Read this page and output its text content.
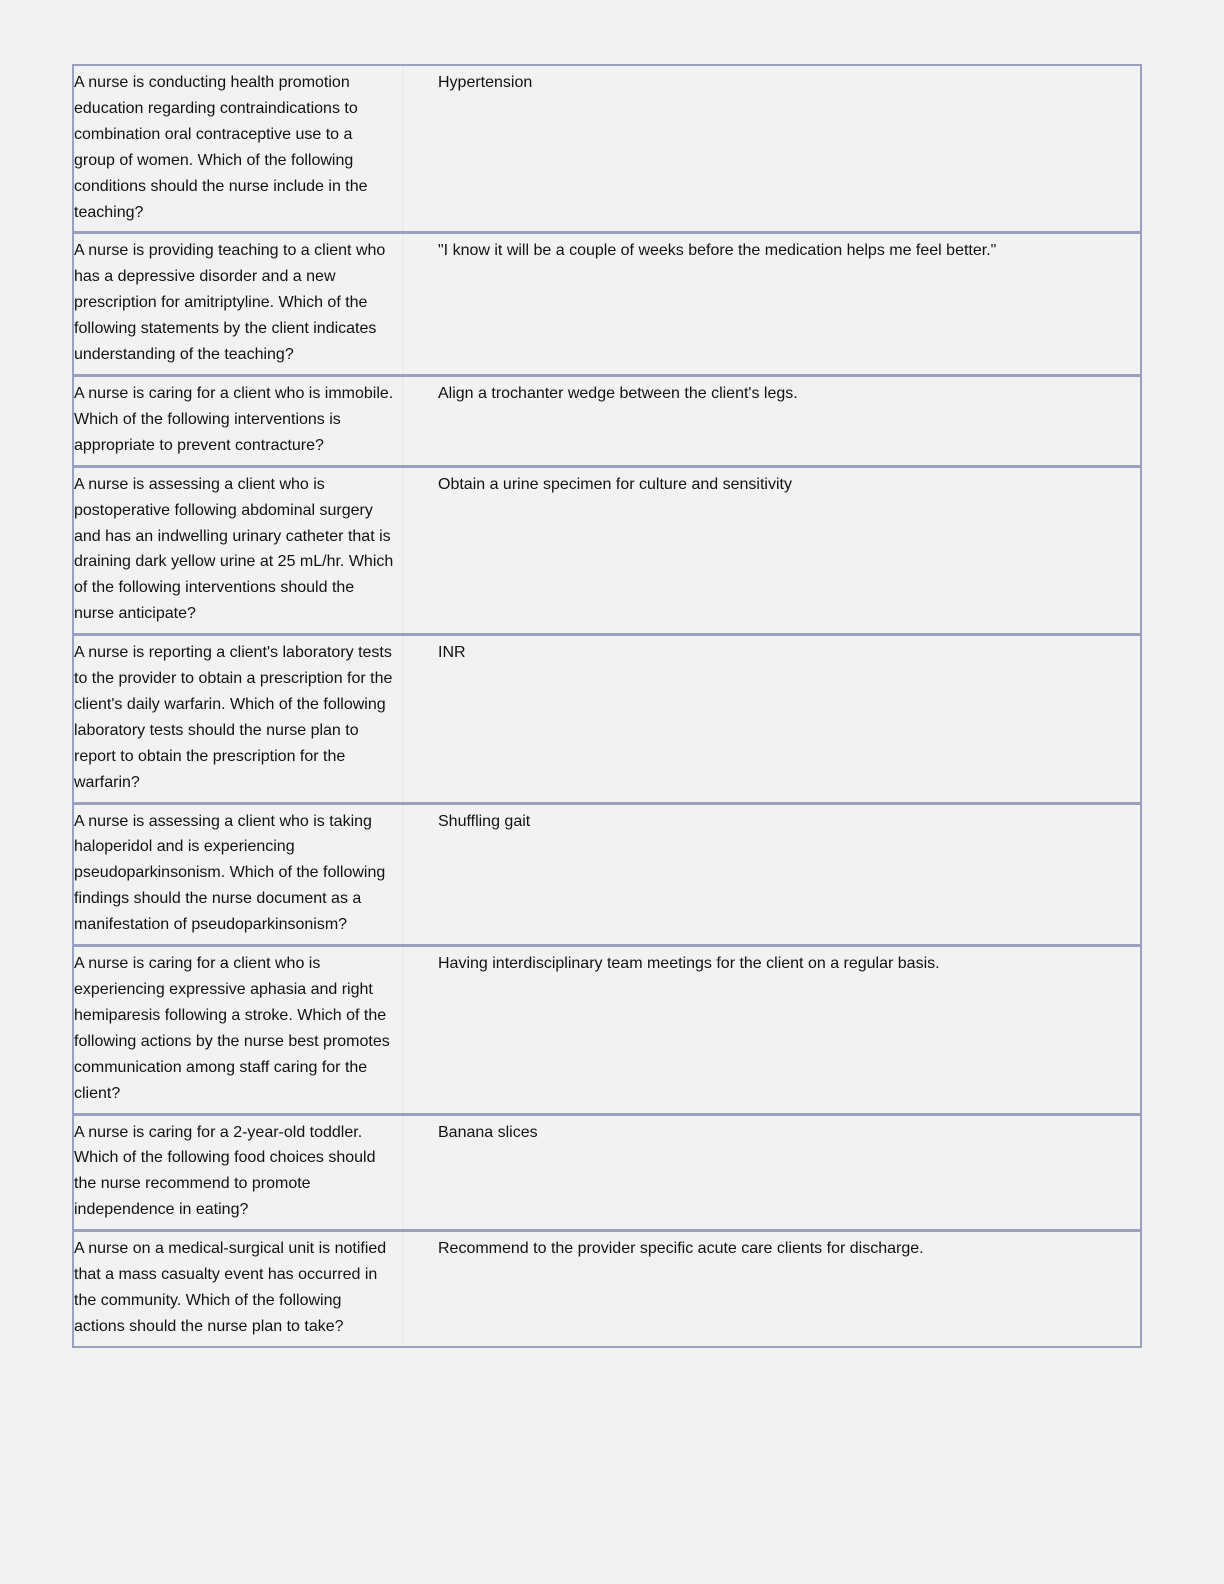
A nurse is conducting health promotion education regarding contraindications to combination oral contraceptive use to a group of women. Which of the following conditions should the nurse include in the teaching?
Hypertension
A nurse is providing teaching to a client who has a depressive disorder and a new prescription for amitriptyline. Which of the following statements by the client indicates understanding of the teaching?
"I know it will be a couple of weeks before the medication helps me feel better."
A nurse is caring for a client who is immobile. Which of the following interventions is appropriate to prevent contracture?
Align a trochanter wedge between the client's legs.
A nurse is assessing a client who is postoperative following abdominal surgery and has an indwelling urinary catheter that is draining dark yellow urine at 25 mL/hr. Which of the following interventions should the nurse anticipate?
Obtain a urine specimen for culture and sensitivity
A nurse is reporting a client's laboratory tests to the provider to obtain a prescription for the client's daily warfarin. Which of the following laboratory tests should the nurse plan to report to obtain the prescription for the warfarin?
INR
A nurse is assessing a client who is taking haloperidol and is experiencing pseudoparkinsonism. Which of the following findings should the nurse document as a manifestation of pseudoparkinsonism?
Shuffling gait
A nurse is caring for a client who is experiencing expressive aphasia and right hemiparesis following a stroke. Which of the following actions by the nurse best promotes communication among staff caring for the client?
Having interdisciplinary team meetings for the client on a regular basis.
A nurse is caring for a 2-year-old toddler. Which of the following food choices should the nurse recommend to promote independence in eating?
Banana slices
A nurse on a medical-surgical unit is notified that a mass casualty event has occurred in the community. Which of the following actions should the nurse plan to take?
Recommend to the provider specific acute care clients for discharge.
